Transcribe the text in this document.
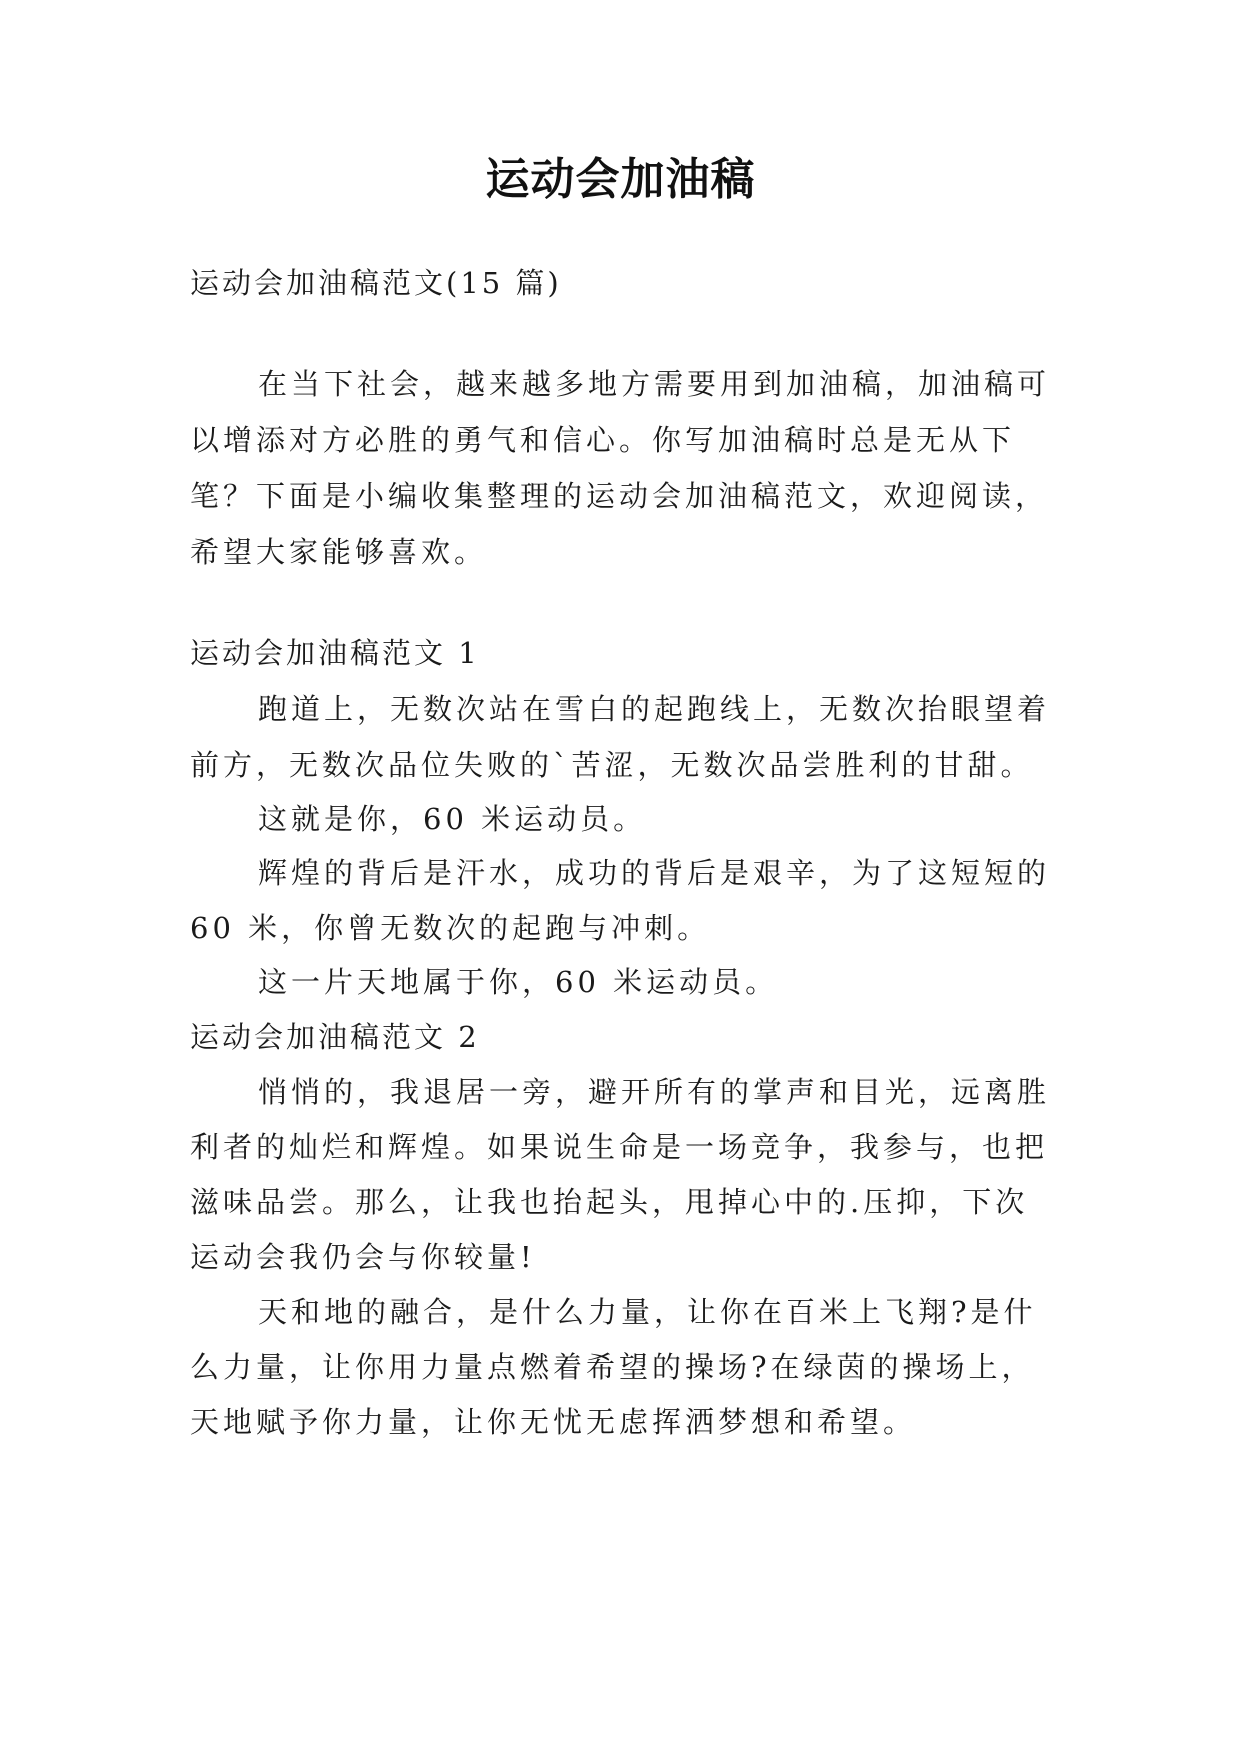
运动会加油稿

运动会加油稿范文(15 篇)

在当下社会，越来越多地方需要用到加油稿，加油稿可

以增添对方必胜的勇气和信心。你写加油稿时总是无从下

笔？下面是小编收集整理的运动会加油稿范文，欢迎阅读，

希望大家能够喜欢。

运动会加油稿范文 1

跑道上，无数次站在雪白的起跑线上，无数次抬眼望着

前方，无数次品位失败的`苦涩，无数次品尝胜利的甘甜。

这就是你，60 米运动员。

辉煌的背后是汗水，成功的背后是艰辛，为了这短短的

60 米，你曾无数次的起跑与冲刺。

这一片天地属于你，60 米运动员。

运动会加油稿范文 2

悄悄的，我退居一旁，避开所有的掌声和目光，远离胜

利者的灿烂和辉煌。如果说生命是一场竞争，我参与，也把

滋味品尝。那么，让我也抬起头，甩掉心中的.压抑，下次

运动会我仍会与你较量!

天和地的融合，是什么力量，让你在百米上飞翔?是什

么力量，让你用力量点燃着希望的操场?在绿茵的操场上，

天地赋予你力量，让你无忧无虑挥洒梦想和希望。
